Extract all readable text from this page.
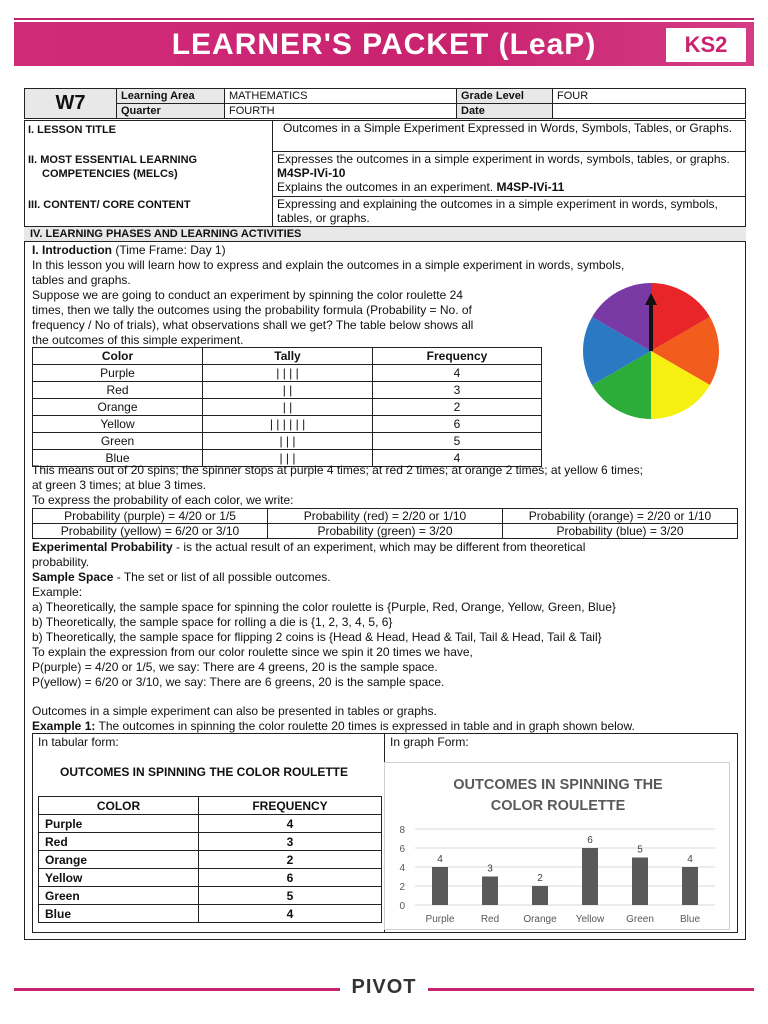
LEARNER'S PACKET (LeaP)	KS2
W7	Learning Area	MATHEMATICS	Grade Level	FOUR
	Quarter	FOURTH	Date	
I. LESSON TITLE	Outcomes in a Simple Experiment Expressed in Words, Symbols, Tables, or Graphs.
II. MOST ESSENTIAL LEARNING
COMPETENCIES (MELCs)
Expresses the outcomes in a simple experiment in words, symbols, tables, or graphs. M4SP-IVi-10
Explains the outcomes in an experiment. M4SP-IVi-11
III. CONTENT/ CORE CONTENT	Expressing and explaining the outcomes in a simple experiment in words, symbols, tables, or graphs.
IV. LEARNING PHASES AND LEARNING ACTIVITIES
I. Introduction (Time Frame: Day 1)
In this lesson you will learn how to express and explain the outcomes in a simple experiment in words, symbols,
tables and graphs.
Suppose we are going to conduct an experiment by spinning the color roulette 24
times, then we tally the outcomes using the probability formula (Probability = No. of
frequency / No of trials), what observations shall we get? The table below shows all
the outcomes of this simple experiment.
Color	Tally	Frequency
Purple	| | | |	4
Red	| |	3
Orange	| |	2
Yellow	| | | | | |	6
Green	| | |	5
Blue	| | |	4
This means out of 20 spins; the spinner stops at purple 4 times; at red 2 times; at orange 2 times; at yellow 6 times;
at green 3 times; at blue 3 times.
To express the probability of each color, we write:
Probability (purple) = 4/20 or 1/5	Probability (red) = 2/20 or 1/10	Probability (orange) = 2/20 or 1/10
Probability (yellow) = 6/20 or 3/10	Probability (green) = 3/20	Probability (blue) = 3/20
Experimental Probability - is the actual result of an experiment, which may be different from theoretical
probability.
Sample Space - The set or list of all possible outcomes.
Example:
a) Theoretically, the sample space for spinning the color roulette is {Purple, Red, Orange, Yellow, Green, Blue}
b) Theoretically, the sample space for rolling a die is {1, 2, 3, 4, 5, 6}
b) Theoretically, the sample space for flipping 2 coins is {Head & Head, Head & Tail, Tail & Head, Tail & Tail}
To explain the expression from our color roulette since we spin it 20 times we have,
P(purple) = 4/20 or 1/5, we say: There are 4 greens, 20 is the sample space.
P(yellow) = 6/20 or 3/10, we say: There are 6 greens, 20 is the sample space.
Outcomes in a simple experiment can also be presented in tables or graphs.
Example 1: The outcomes in spinning the color roulette 20 times is expressed in table and in graph shown below.
In tabular form:	In graph Form:
OUTCOMES IN SPINNING THE COLOR ROULETTE
COLOR	FREQUENCY
Purple	4
Red	3
Orange	2
Yellow	6
Green	5
Blue	4
OUTCOMES IN SPINNING THE
COLOR ROULETTE
0
2
4
6
8
4
Purple
3
Red
2
Orange
6
Yellow
5
Green
4
Blue
PIVOT
